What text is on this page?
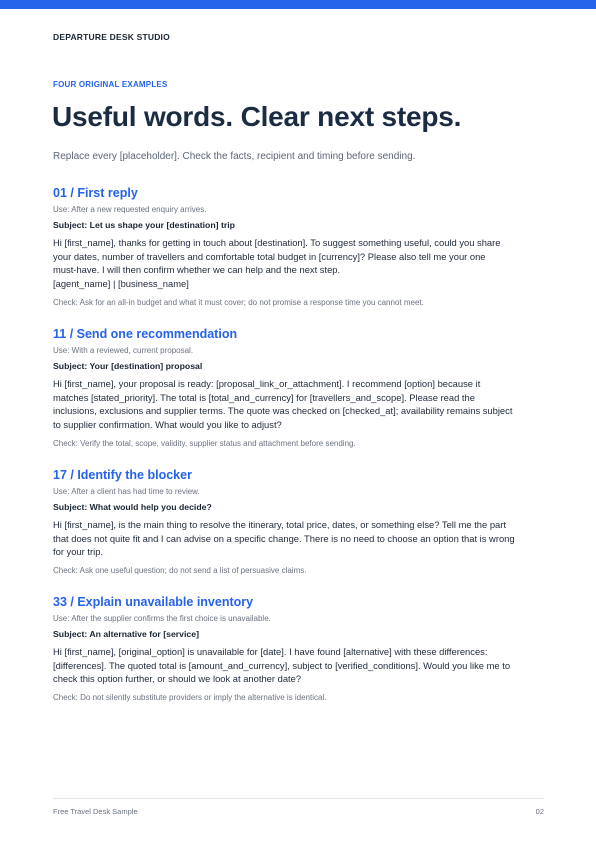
DEPARTURE DESK STUDIO
FOUR ORIGINAL EXAMPLES
Useful words. Clear next steps.

Replace every [placeholder]. Check the facts, recipient and timing before sending.

01 / First reply
Use: After a new requested enquiry arrives.
Subject: Let us shape your [destination] trip
Hi [first_name], thanks for getting in touch about [destination]. To suggest something useful, could you share
your dates, number of travellers and comfortable total budget in [currency]? Please also tell me your one
must-have. I will then confirm whether we can help and the next step.
[agent_name] | [business_name]
Check: Ask for an all-in budget and what it must cover; do not promise a response time you cannot meet.
11 / Send one recommendation
Use: With a reviewed, current proposal.
Subject: Your [destination] proposal
Hi [first_name], your proposal is ready: [proposal_link_or_attachment]. I recommend [option] because it
matches [stated_priority]. The total is [total_and_currency] for [travellers_and_scope]. Please read the
inclusions, exclusions and supplier terms. The quote was checked on [checked_at]; availability remains subject
to supplier confirmation. What would you like to adjust?
Check: Verify the total, scope, validity, supplier status and attachment before sending.
17 / Identify the blocker
Use: After a client has had time to review.
Subject: What would help you decide?
Hi [first_name], is the main thing to resolve the itinerary, total price, dates, or something else? Tell me the part
that does not quite fit and I can advise on a specific change. There is no need to choose an option that is wrong
for your trip.
Check: Ask one useful question; do not send a list of persuasive claims.
33 / Explain unavailable inventory
Use: After the supplier confirms the first choice is unavailable.
Subject: An alternative for [service]
Hi [first_name], [original_option] is unavailable for [date]. I have found [alternative] with these differences:
[differences]. The quoted total is [amount_and_currency], subject to [verified_conditions]. Would you like me to
check this option further, or should we look at another date?
Check: Do not silently substitute providers or imply the alternative is identical.
Free Travel Desk Sample	02
